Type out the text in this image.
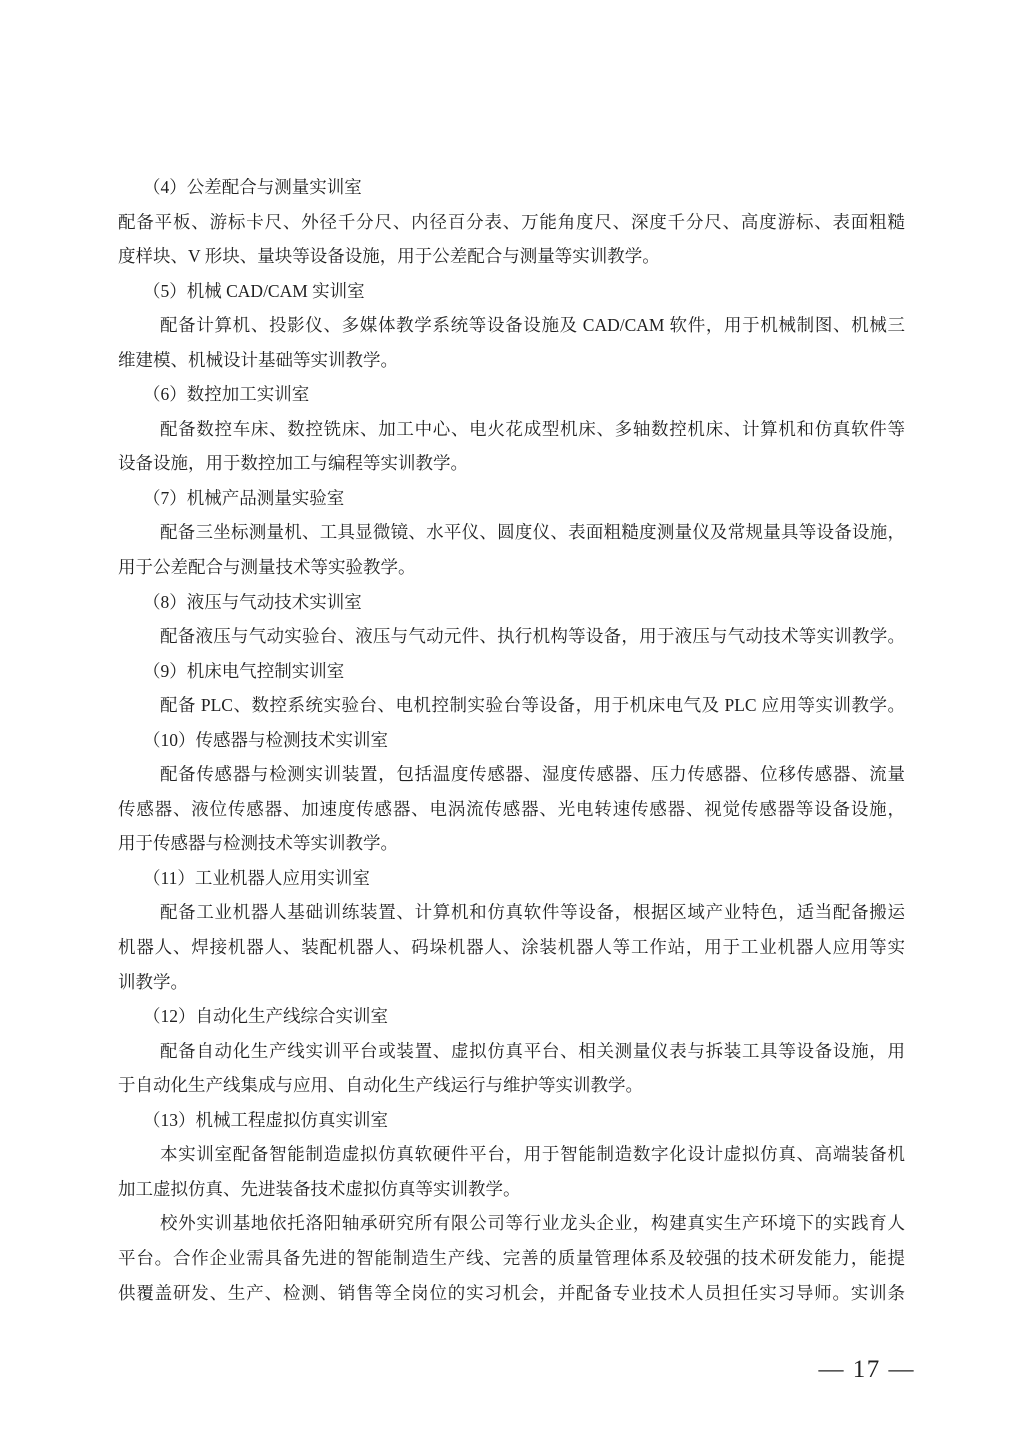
（4）公差配合与测量实训室
配备平板、游标卡尺、外径千分尺、内径百分表、万能角度尺、深度千分尺、高度游标、表面粗糙
度样块、V 形块、量块等设备设施，用于公差配合与测量等实训教学。
（5）机械 CAD/CAM 实训室
配备计算机、投影仪、多媒体教学系统等设备设施及 CAD/CAM 软件，用于机械制图、机械三
维建模、机械设计基础等实训教学。
（6）数控加工实训室
配备数控车床、数控铣床、加工中心、电火花成型机床、多轴数控机床、计算机和仿真软件等
设备设施，用于数控加工与编程等实训教学。
（7）机械产品测量实验室
配备三坐标测量机、工具显微镜、水平仪、圆度仪、表面粗糙度测量仪及常规量具等设备设施，
用于公差配合与测量技术等实验教学。
（8）液压与气动技术实训室
配备液压与气动实验台、液压与气动元件、执行机构等设备，用于液压与气动技术等实训教学。
（9）机床电气控制实训室
配备 PLC、数控系统实验台、电机控制实验台等设备，用于机床电气及 PLC 应用等实训教学。
（10）传感器与检测技术实训室
配备传感器与检测实训装置，包括温度传感器、湿度传感器、压力传感器、位移传感器、流量
传感器、液位传感器、加速度传感器、电涡流传感器、光电转速传感器、视觉传感器等设备设施，
用于传感器与检测技术等实训教学。
（11）工业机器人应用实训室
配备工业机器人基础训练装置、计算机和仿真软件等设备，根据区域产业特色，适当配备搬运
机器人、焊接机器人、装配机器人、码垛机器人、涂装机器人等工作站，用于工业机器人应用等实
训教学。
（12）自动化生产线综合实训室
配备自动化生产线实训平台或装置、虚拟仿真平台、相关测量仪表与拆装工具等设备设施，用
于自动化生产线集成与应用、自动化生产线运行与维护等实训教学。
（13）机械工程虚拟仿真实训室
本实训室配备智能制造虚拟仿真软硬件平台，用于智能制造数字化设计虚拟仿真、高端装备机
加工虚拟仿真、先进装备技术虚拟仿真等实训教学。
校外实训基地依托洛阳轴承研究所有限公司等行业龙头企业，构建真实生产环境下的实践育人
平台。合作企业需具备先进的智能制造生产线、完善的质量管理体系及较强的技术研发能力，能提
供覆盖研发、生产、检测、销售等全岗位的实习机会，并配备专业技术人员担任实习导师。实训条
— 17 —
